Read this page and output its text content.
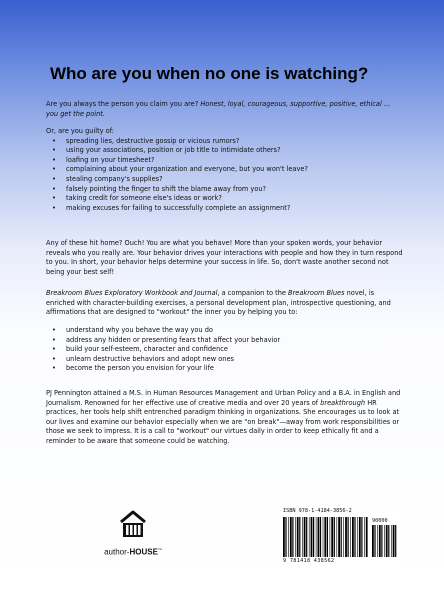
Who are you when no one is watching?

Are you always the person you claim you are? Honest, loyal, courageous, supportive, positive, ethical ... you get the point.

Or, are you guilty of:

• spreading lies, destructive gossip or vicious rumors?
• using your associations, position or job title to intimidate others?
• loafing on your timesheet?
• complaining about your organization and everyone, but you won't leave?
• stealing company's supplies?
• falsely pointing the finger to shift the blame away from you?
• taking credit for someone else's ideas or work?
• making excuses for failing to successfully complete an assignment?

Any of these hit home? Ouch! You are what you behave! More than your spoken words, your behavior reveals who you really are. Your behavior drives your interactions with people and how they in turn respond to you. In short, your behavior helps determine your success in life. So, don't waste another second not being your best self!

Breakroom Blues Exploratory Workbook and Journal, a companion to the Breakroom Blues novel, is enriched with character-building exercises, a personal development plan, introspective questioning, and affirmations that are designed to "workout" the inner you by helping you to:

• understand why you behave the way you do
• address any hidden or presenting fears that affect your behavior
• build your self-esteem, character and confidence
• unlearn destructive behaviors and adopt new ones
• become the person you envision for your life

PJ Pennington attained a M.S. in Human Resources Management and Urban Policy and a B.A. in English and Journalism. Renowned for her effective use of creative media and over 20 years of breakthrough HR practices, her tools help shift entrenched paradigm thinking in organizations. She encourages us to look at our lives and examine our behavior especially when we are "on break"—away from work responsibilities or those we seek to impress. It is a call to "workout" our virtues daily in order to keep ethically fit and a reminder to be aware that someone could be watching.

author-HOUSE™
ISBN 978-1-4184-3856-2
90000
9 781418 438562
